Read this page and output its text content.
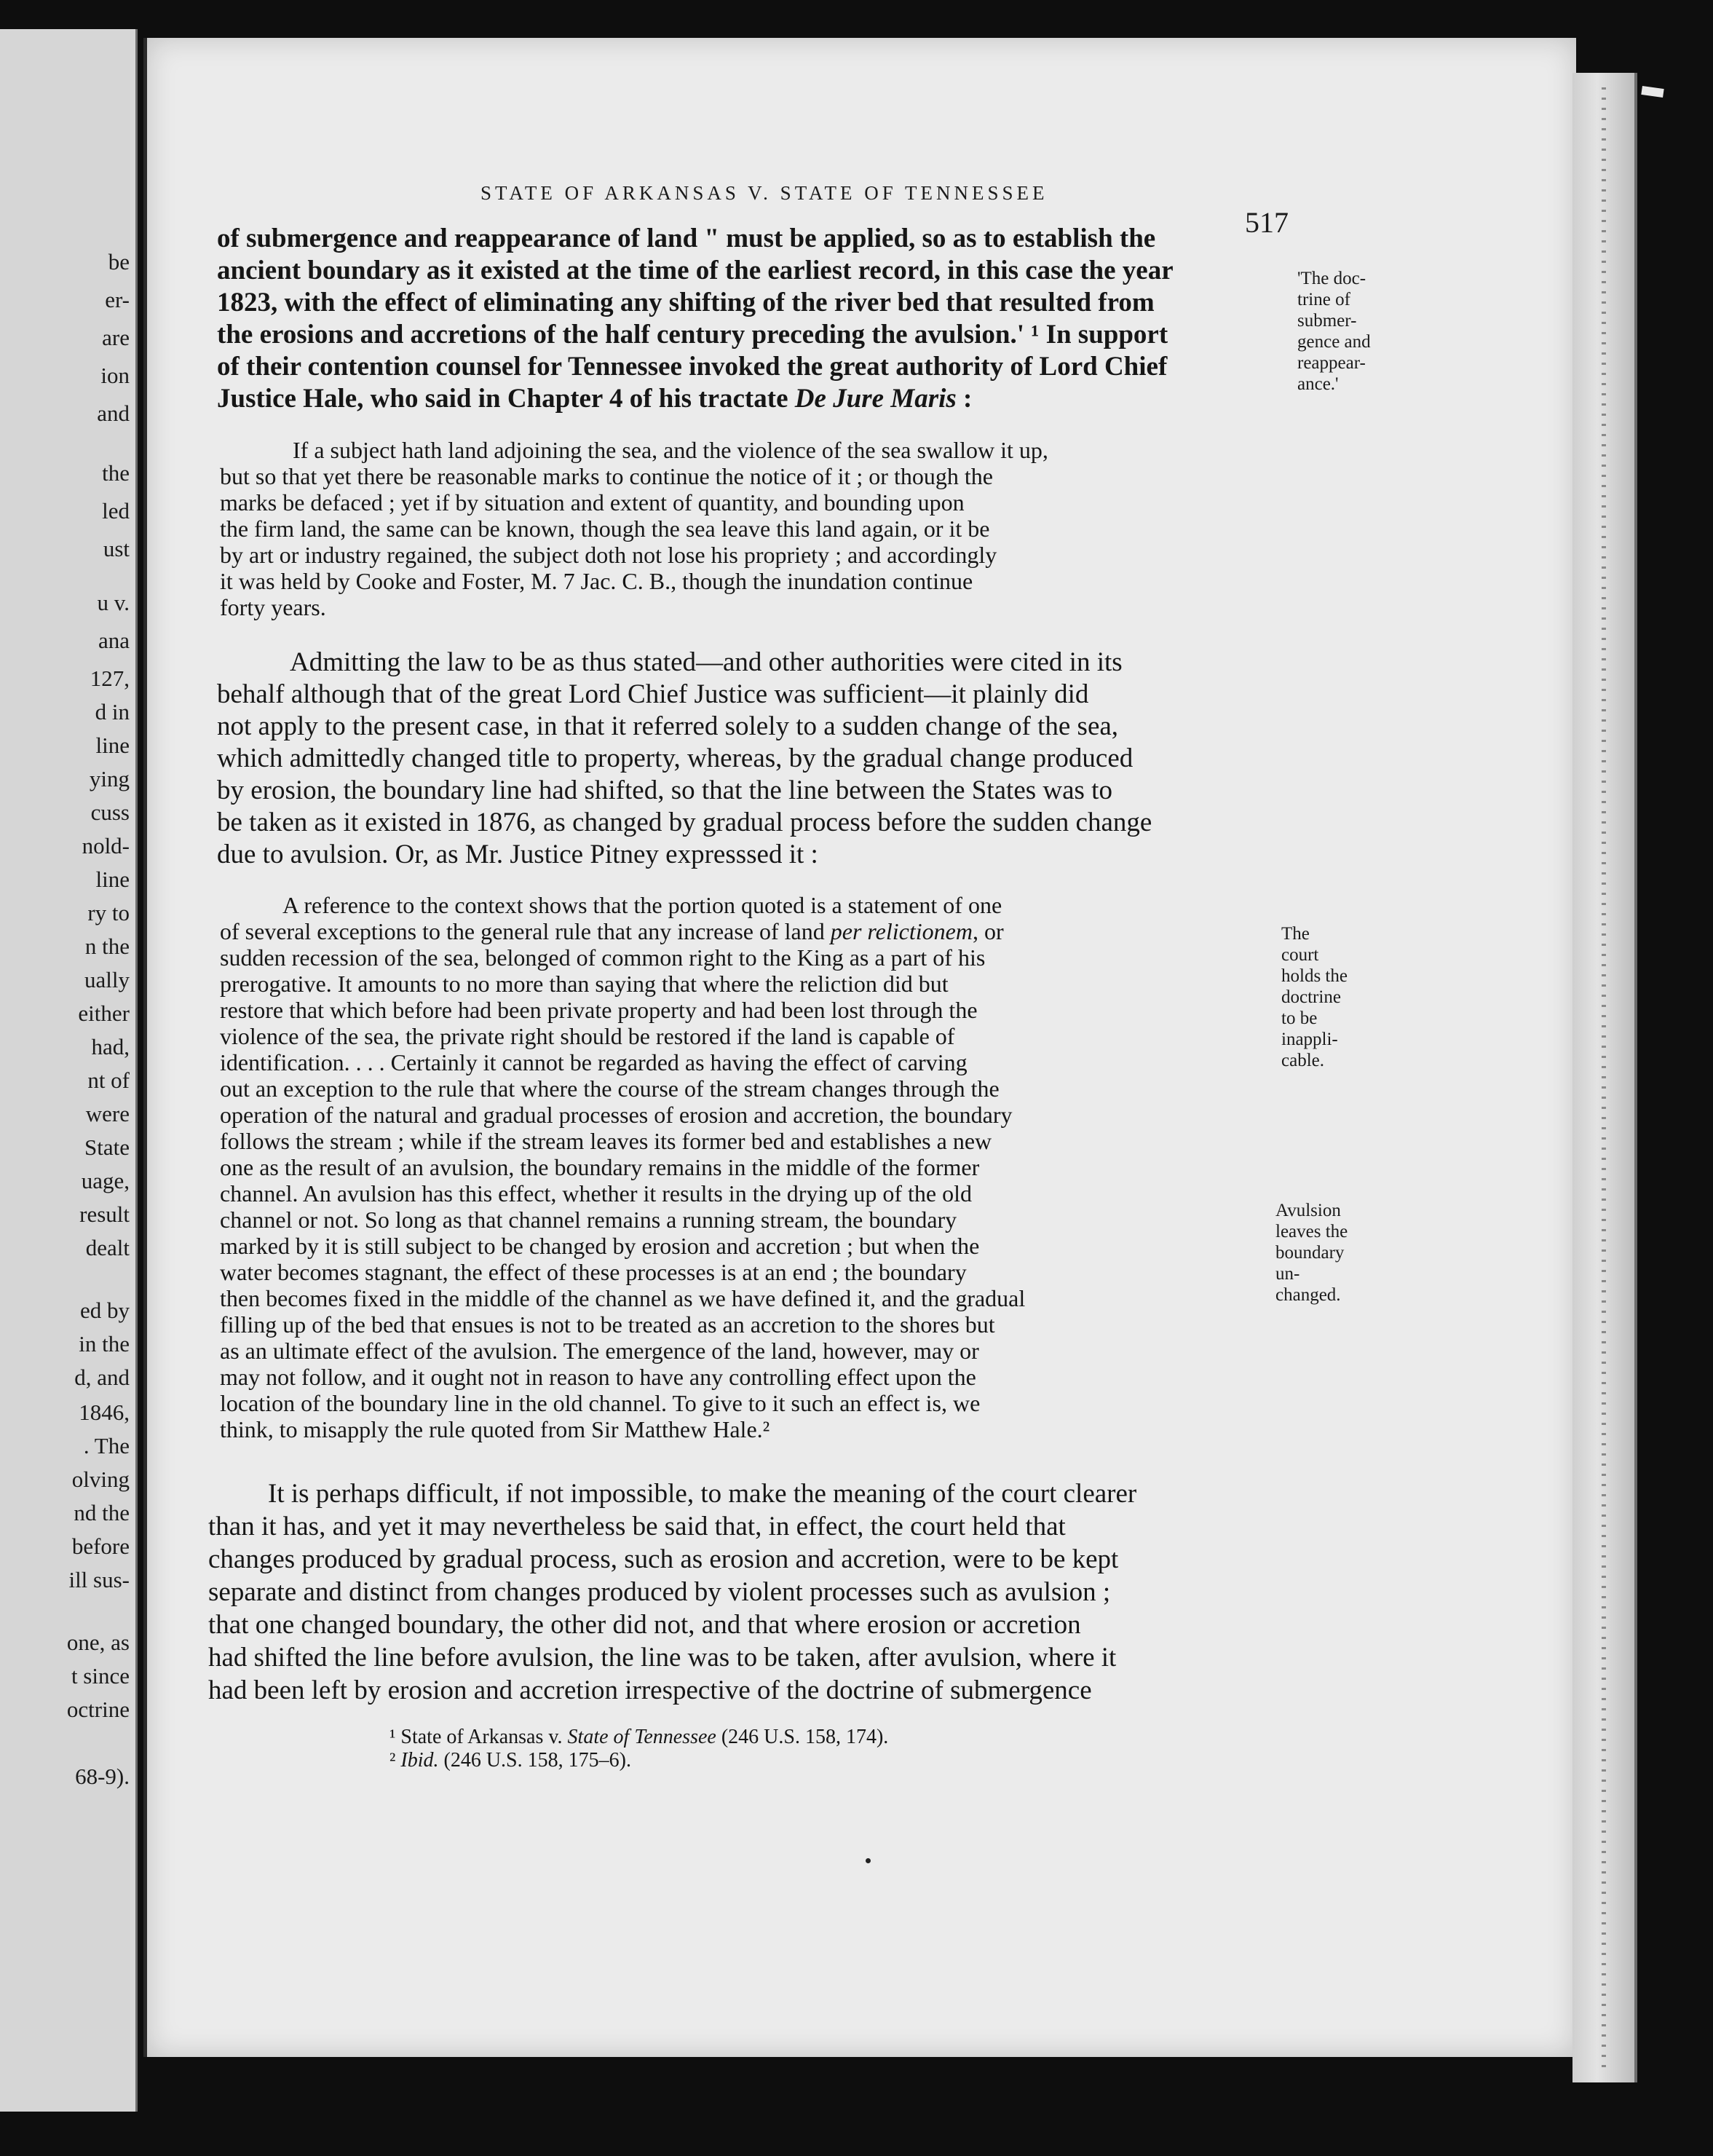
be
er-
are
ion
and
the
led
ust
u v.
ana
127,
d in
line
ying
cuss
nold-
line
ry to
n the
ually
either
had,
nt of
were
State
uage,
result
dealt
ed by
in the
d, and
1846,
. The
olving
nd the
before
ill sus-
one, as
t since
octrine
68-9).
STATE OF ARKANSAS V. STATE OF TENNESSEE
517
of submergence and reappearance of land " must be applied, so as to establish the
ancient boundary as it existed at the time of the earliest record, in this case the year
1823, with the effect of eliminating any shifting of the river bed that resulted from
the erosions and accretions of the half century preceding the avulsion.' ¹ In support
of their contention counsel for Tennessee invoked the great authority of Lord Chief
Justice Hale, who said in Chapter 4 of his tractate De Jure Maris :
If a subject hath land adjoining the sea, and the violence of the sea swallow it up,
but so that yet there be reasonable marks to continue the notice of it ; or though the
marks be defaced ; yet if by situation and extent of quantity, and bounding upon
the firm land, the same can be known, though the sea leave this land again, or it be
by art or industry regained, the subject doth not lose his propriety ; and accordingly
it was held by Cooke and Foster, M. 7 Jac. C. B., though the inundation continue
forty years.
Admitting the law to be as thus stated—and other authorities were cited in its
behalf although that of the great Lord Chief Justice was sufficient—it plainly did
not apply to the present case, in that it referred solely to a sudden change of the sea,
which admittedly changed title to property, whereas, by the gradual change produced
by erosion, the boundary line had shifted, so that the line between the States was to
be taken as it existed in 1876, as changed by gradual process before the sudden change
due to avulsion. Or, as Mr. Justice Pitney expresssed it :
A reference to the context shows that the portion quoted is a statement of one
of several exceptions to the general rule that any increase of land per relictionem, or
sudden recession of the sea, belonged of common right to the King as a part of his
prerogative. It amounts to no more than saying that where the reliction did but
restore that which before had been private property and had been lost through the
violence of the sea, the private right should be restored if the land is capable of
identification. . . . Certainly it cannot be regarded as having the effect of carving
out an exception to the rule that where the course of the stream changes through the
operation of the natural and gradual processes of erosion and accretion, the boundary
follows the stream ; while if the stream leaves its former bed and establishes a new
one as the result of an avulsion, the boundary remains in the middle of the former
channel. An avulsion has this effect, whether it results in the drying up of the old
channel or not. So long as that channel remains a running stream, the boundary
marked by it is still subject to be changed by erosion and accretion ; but when the
water becomes stagnant, the effect of these processes is at an end ; the boundary
then becomes fixed in the middle of the channel as we have defined it, and the gradual
filling up of the bed that ensues is not to be treated as an accretion to the shores but
as an ultimate effect of the avulsion. The emergence of the land, however, may or
may not follow, and it ought not in reason to have any controlling effect upon the
location of the boundary line in the old channel. To give to it such an effect is, we
think, to misapply the rule quoted from Sir Matthew Hale.²
It is perhaps difficult, if not impossible, to make the meaning of the court clearer
than it has, and yet it may nevertheless be said that, in effect, the court held that
changes produced by gradual process, such as erosion and accretion, were to be kept
separate and distinct from changes produced by violent processes such as avulsion ;
that one changed boundary, the other did not, and that where erosion or accretion
had shifted the line before avulsion, the line was to be taken, after avulsion, where it
had been left by erosion and accretion irrespective of the doctrine of submergence
¹ State of Arkansas v. State of Tennessee (246 U.S. 158, 174).
² Ibid. (246 U.S. 158, 175–6).
'The doc-
trine of
submer-
gence and
reappear-
ance.'
The
court
holds the
doctrine
to be
inappli-
cable.
Avulsion
leaves the
boundary
un-
changed.
